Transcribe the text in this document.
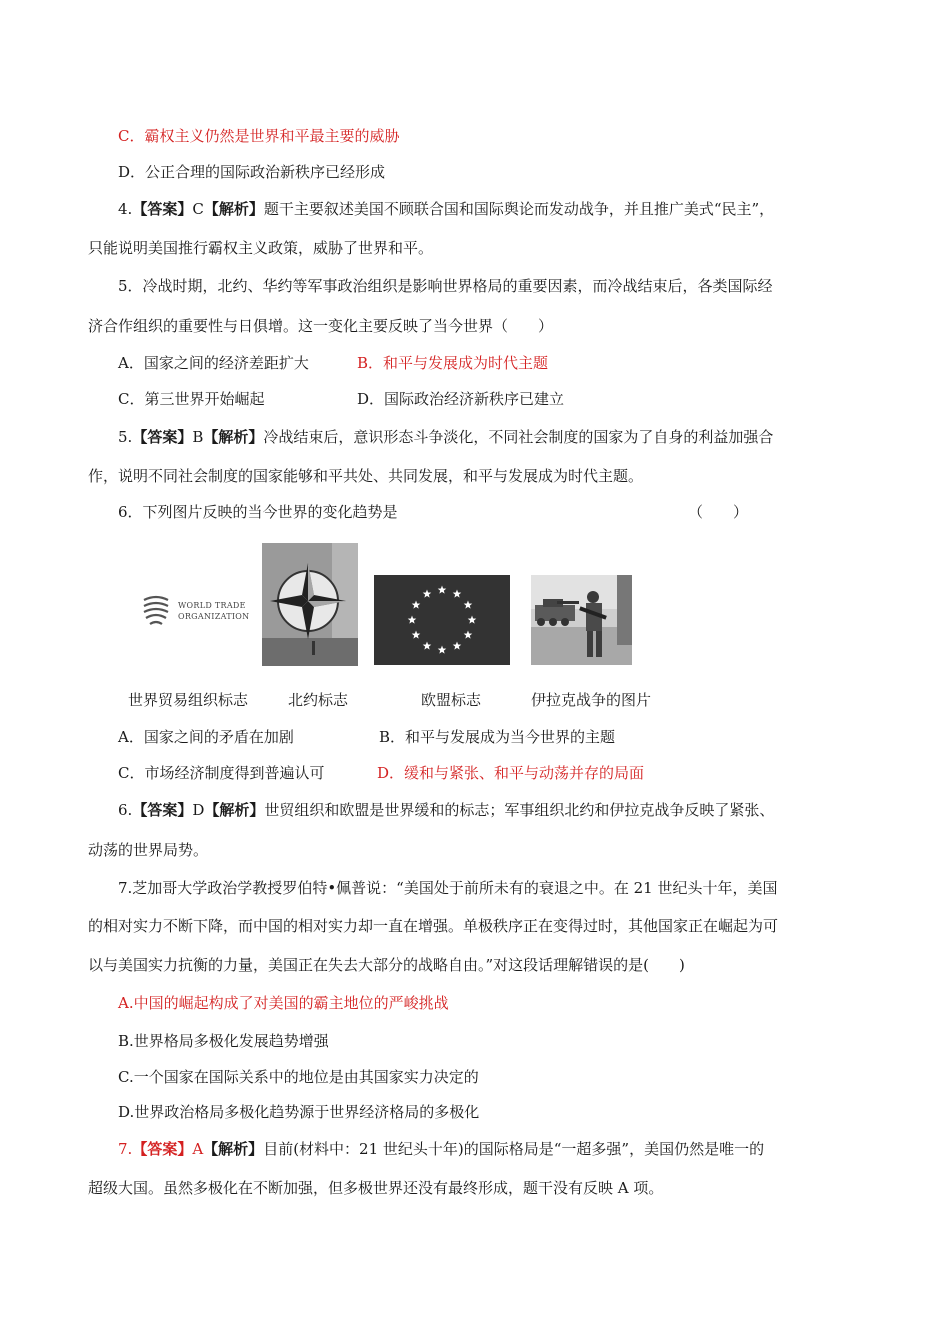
C．霸权主义仍然是世界和平最主要的威胁
D．公正合理的国际政治新秩序已经形成
4.【答案】C【解析】题干主要叙述美国不顾联合国和国际舆论而发动战争，并且推广美式“民主”，
只能说明美国推行霸权主义政策，威胁了世界和平。
5．冷战时期，北约、华约等军事政治组织是影响世界格局的重要因素，而冷战结束后，各类国际经
济合作组织的重要性与日俱增。这一变化主要反映了当今世界（　　）
A．国家之间的经济差距扩大	B．和平与发展成为时代主题
C．第三世界开始崛起	D．国际政治经济新秩序已建立
5.【答案】B【解析】冷战结束后，意识形态斗争淡化，不同社会制度的国家为了自身的利益加强合
作，说明不同社会制度的国家能够和平共处、共同发展，和平与发展成为时代主题。
6．下列图片反映的当今世界的变化趋势是	（　　）
WORLD TRADE
ORGANIZATION
世界贸易组织标志	北约标志	欧盟标志	伊拉克战争的图片
A．国家之间的矛盾在加剧	B．和平与发展成为当今世界的主题
C．市场经济制度得到普遍认可	D．缓和与紧张、和平与动荡并存的局面
6.【答案】D【解析】世贸组织和欧盟是世界缓和的标志；军事组织北约和伊拉克战争反映了紧张、
动荡的世界局势。
7.芝加哥大学政治学教授罗伯特•佩普说：“美国处于前所未有的衰退之中。在 21 世纪头十年，美国
的相对实力不断下降，而中国的相对实力却一直在增强。单极秩序正在变得过时，其他国家正在崛起为可
以与美国实力抗衡的力量，美国正在失去大部分的战略自由。”对这段话理解错误的是(　　)
A.中国的崛起构成了对美国的霸主地位的严峻挑战
B.世界格局多极化发展趋势增强
C.一个国家在国际关系中的地位是由其国家实力决定的
D.世界政治格局多极化趋势源于世界经济格局的多极化
7.【答案】A【解析】目前(材料中：21 世纪头十年)的国际格局是“一超多强”，美国仍然是唯一的
超级大国。虽然多极化在不断加强，但多极世界还没有最终形成，题干没有反映 A 项。
